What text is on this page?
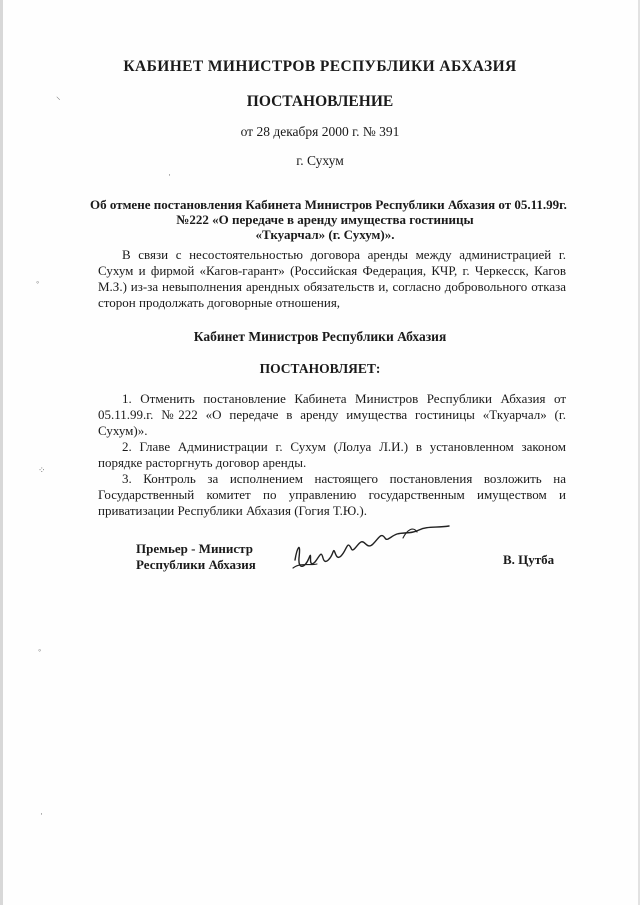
⸌
·
◦
⁘
◦
·
КАБИНЕТ МИНИСТРОВ РЕСПУБЛИКИ АБХАЗИЯ
ПОСТАНОВЛЕНИЕ
от 28 декабря 2000 г. № 391
г. Сухум
Об отмене постановления Кабинета Министров Республики Абхазия от 05.11.99г.
№222 «О передаче в аренду имущества гостиницы
«Ткуарчал» (г. Сухум)».

В связи с несостоятельностью договора аренды между администрацией г. Сухум и фирмой «Кагов-гарант» (Российская Федерация, КЧР, г. Черкесск, Кагов М.З.) из-за невыполнения арендных обязательств и, согласно добровольного отказа сторон продолжать договорные отношения,

Кабинет Министров Республики Абхазия
ПОСТАНОВЛЯЕТ:

1. Отменить постановление Кабинета Министров Республики Абхазия от 05.11.99.г. №222 «О передаче в аренду имущества гостиницы «Ткуарчал» (г. Сухум)».

2. Главе Администрации г. Сухум (Лолуа Л.И.) в установленном законом порядке расторгнуть договор аренды.

3. Контроль за исполнением настоящего постановления возложить на Государственный комитет по управлению государственным имуществом и приватизации Республики Абхазия (Гогия Т.Ю.).

Премьер - Министр
Республики Абхазия	В. Цутба
